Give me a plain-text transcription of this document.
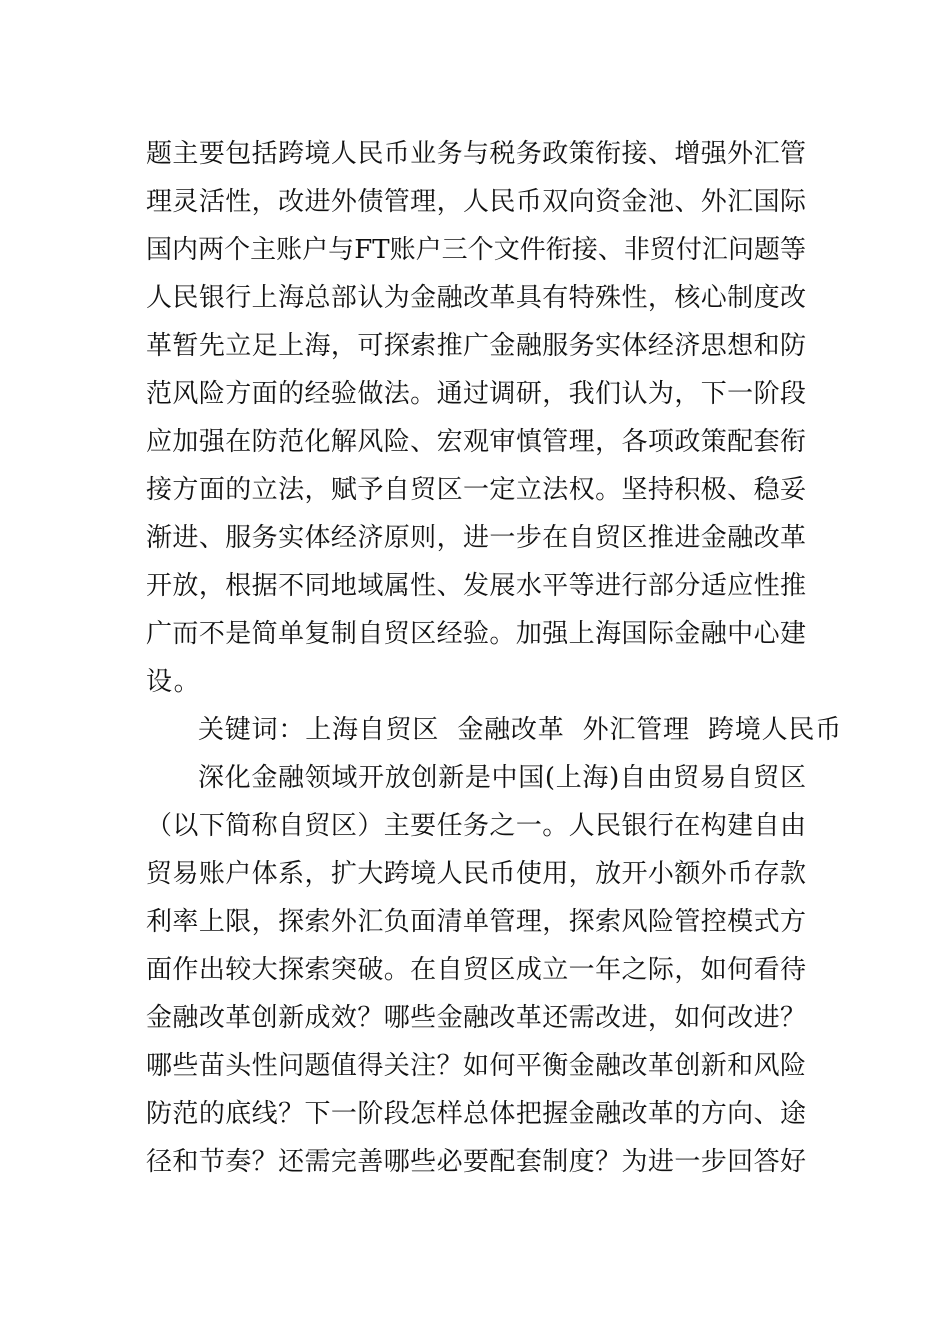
题主要包括跨境人民币业务与税务政策衔接、增强外汇管
理灵活性，改进外债管理，人民币双向资金池、外汇国际
国内两个主账户与FT账户三个文件衔接、非贸付汇问题等
人民银行上海总部认为金融改革具有特殊性，核心制度改
革暂先立足上海，可探索推广金融服务实体经济思想和防
范风险方面的经验做法。通过调研，我们认为，下一阶段
应加强在防范化解风险、宏观审慎管理，各项政策配套衔
接方面的立法，赋予自贸区一定立法权。坚持积极、稳妥
渐进、服务实体经济原则，进一步在自贸区推进金融改革
开放，根据不同地域属性、发展水平等进行部分适应性推
广而不是简单复制自贸区经验。加强上海国际金融中心建
设。
关键词：上海自贸区  金融改革  外汇管理  跨境人民币
深化金融领域开放创新是中国(上海)自由贸易自贸区
（以下简称自贸区）主要任务之一。人民银行在构建自由
贸易账户体系，扩大跨境人民币使用，放开小额外币存款
利率上限，探索外汇负面清单管理，探索风险管控模式方
面作出较大探索突破。在自贸区成立一年之际，如何看待
金融改革创新成效？哪些金融改革还需改进，如何改进？
哪些苗头性问题值得关注？如何平衡金融改革创新和风险
防范的底线？下一阶段怎样总体把握金融改革的方向、途
径和节奏？还需完善哪些必要配套制度？为进一步回答好
